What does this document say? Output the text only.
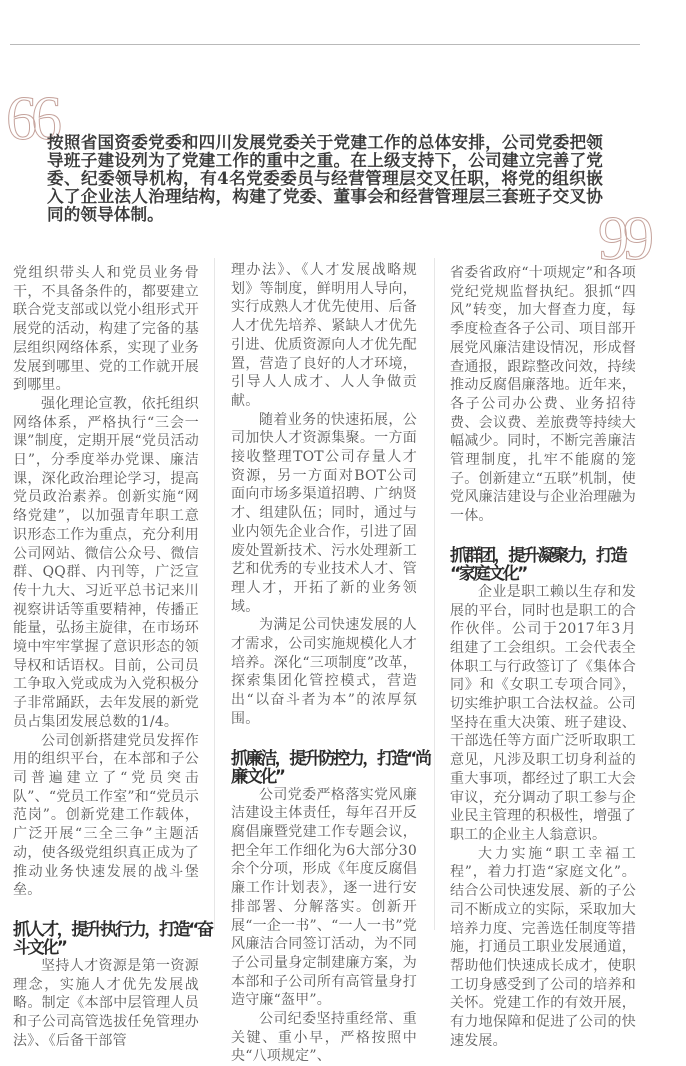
66
按照省国资委党委和四川发展党委关于党建工作的总体安排，公司党委把领导班子建设列为了党建工作的重中之重。在上级支持下，公司建立完善了党委、纪委领导机构，有4名党委委员与经营管理层交叉任职，将党的组织嵌入了企业法人治理结构，构建了党委、董事会和经营管理层三套班子交叉协同的领导体制。	99

党组织带头人和党员业务骨干，不具备条件的，都要建立联合党支部或以党小组形式开展党的活动，构建了完备的基层组织网络体系，实现了业务发展到哪里、党的工作就开展到哪里。

强化理论宣教，依托组织网络体系，严格执行“三会一课”制度，定期开展“党员活动日”，分季度举办党课、廉洁课，深化政治理论学习，提高党员政治素养。创新实施“网络党建”，以加强青年职工意识形态工作为重点，充分利用公司网站、微信公众号、微信群、QQ群、内刊等，广泛宣传十九大、习近平总书记来川视察讲话等重要精神，传播正能量，弘扬主旋律，在市场环境中牢牢掌握了意识形态的领导权和话语权。目前，公司员工争取入党或成为入党积极分子非常踊跃，去年发展的新党员占集团发展总数的1/4。

公司创新搭建党员发挥作用的组织平台，在本部和子公司普遍建立了“党员突击队”、“党员工作室”和“党员示范岗”。创新党建工作载体，广泛开展“三全三争”主题活动，使各级党组织真正成为了推动业务快速发展的战斗堡垒。

抓人才，提升执行力，打造“奋
斗文化”

坚持人才资源是第一资源理念，实施人才优先发展战略。制定《本部中层管理人员和子公司高管选拔任免管理办法》、《后备干部管

理办法》、《人才发展战略规划》等制度，鲜明用人导向，实行成熟人才优先使用、后备人才优先培养、紧缺人才优先引进、优质资源向人才优先配置，营造了良好的人才环境，引导人人成才、人人争做贡献。

随着业务的快速拓展，公司加快人才资源集聚。一方面接收整理TOT公司存量人才资源，另一方面对BOT公司面向市场多渠道招聘、广纳贤才、组建队伍；同时，通过与业内领先企业合作，引进了固废处置新技术、污水处理新工艺和优秀的专业技术人才、管理人才，开拓了新的业务领域。

为满足公司快速发展的人才需求，公司实施规模化人才培养。深化“三项制度”改革，探索集团化管控模式，营造出“以奋斗者为本”的浓厚氛围。

抓廉洁，提升防控力，打造“尚
廉文化”

公司党委严格落实党风廉洁建设主体责任，每年召开反腐倡廉暨党建工作专题会议，把全年工作细化为6大部分30余个分项，形成《年度反腐倡廉工作计划表》，逐一进行安排部署、分解落实。创新开展“一企一书”、“一人一书”党风廉洁合同签订活动，为不同子公司量身定制建廉方案，为本部和子公司所有高管量身打造守廉“盔甲”。

公司纪委坚持重经常、重关键、重小早，严格按照中央“八项规定”、

省委省政府“十项规定”和各项党纪党规监督执纪。狠抓“四风”转变，加大督查力度，每季度检查各子公司、项目部开展党风廉洁建设情况，形成督查通报，跟踪整改问效，持续推动反腐倡廉落地。近年来，各子公司办公费、业务招待费、会议费、差旅费等持续大幅减少。同时，不断完善廉洁管理制度，扎牢不能腐的笼子。创新建立“五联”机制，使党风廉洁建设与企业治理融为一体。

抓群团，提升凝聚力，打造
“家庭文化”

企业是职工赖以生存和发展的平台，同时也是职工的合作伙伴。公司于2017年3月组建了工会组织。工会代表全体职工与行政签订了《集体合同》和《女职工专项合同》，切实维护职工合法权益。公司坚持在重大决策、班子建设、干部选任等方面广泛听取职工意见，凡涉及职工切身利益的重大事项，都经过了职工大会审议，充分调动了职工参与企业民主管理的积极性，增强了职工的企业主人翁意识。

大力实施“职工幸福工程”，着力打造“家庭文化”。结合公司快速发展、新的子公司不断成立的实际，采取加大培养力度、完善选任制度等措施，打通员工职业发展通道，帮助他们快速成长成才，使职工切身感受到了公司的培养和关怀。党建工作的有效开展，有力地保障和促进了公司的快速发展。
